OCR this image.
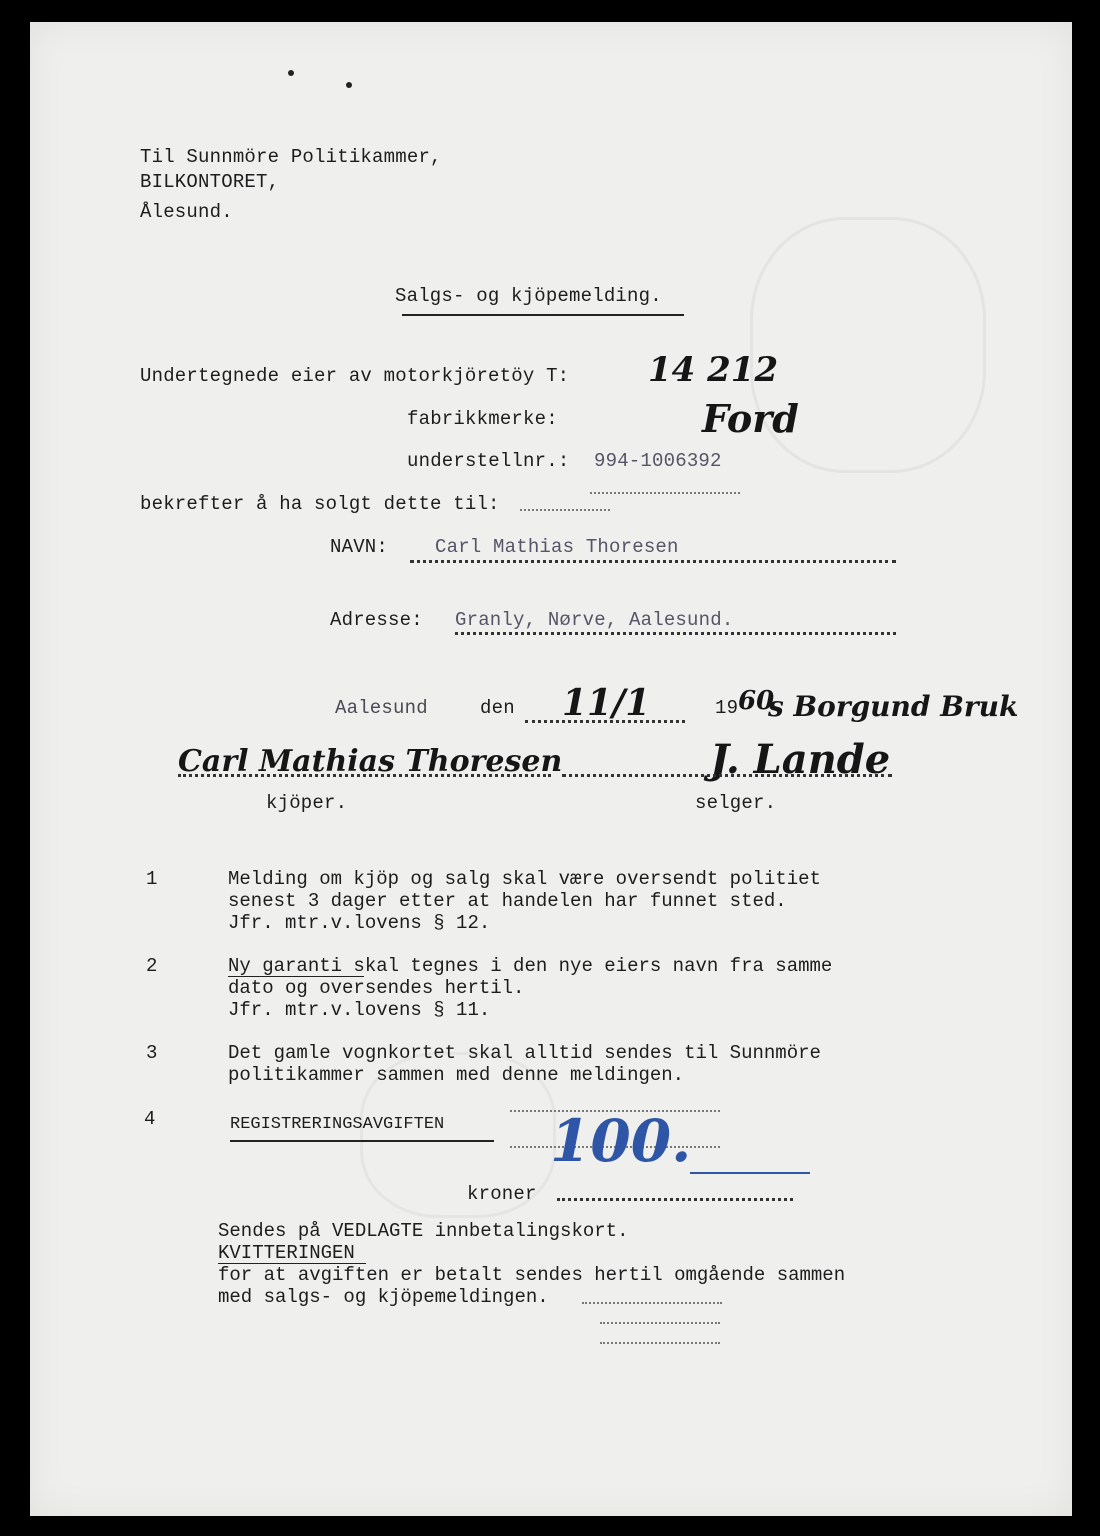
Til Sunnmöre Politikammer,
BILKONTORET,
Ålesund.
Salgs- og kjöpemelding.
Undertegnede eier av motorkjöretöy T: 14 212
fabrikkmerke:	Ford
understellnr.: 994-1006392
bekrefter å ha solgt dette til:
NAVN: Carl Mathias Thoresen
Adresse: Granly, Nørve, Aalesund.
Aalesund	den 11/1	19 60
s Borgund Bruk
Carl Mathias Thoresen	J. Lande
kjöper.	selger.
1	Melding om kjöp og salg skal være oversendt politiet
senest 3 dager etter at handelen har funnet sted.
Jfr. mtr.v.lovens § 12.
2	Ny garanti skal tegnes i den nye eiers navn fra samme
dato og oversendes hertil.
Jfr. mtr.v.lovens § 11.
3	Det gamle vognkortet skal alltid sendes til Sunnmöre
politikammer sammen med denne meldingen.
4	REGISTRERINGSAVGIFTEN 100.
kroner
Sendes på VEDLAGTE innbetalingskort.
KVITTERINGEN
for at avgiften er betalt sendes hertil omgående sammen
med salgs- og kjöpemeldingen.
